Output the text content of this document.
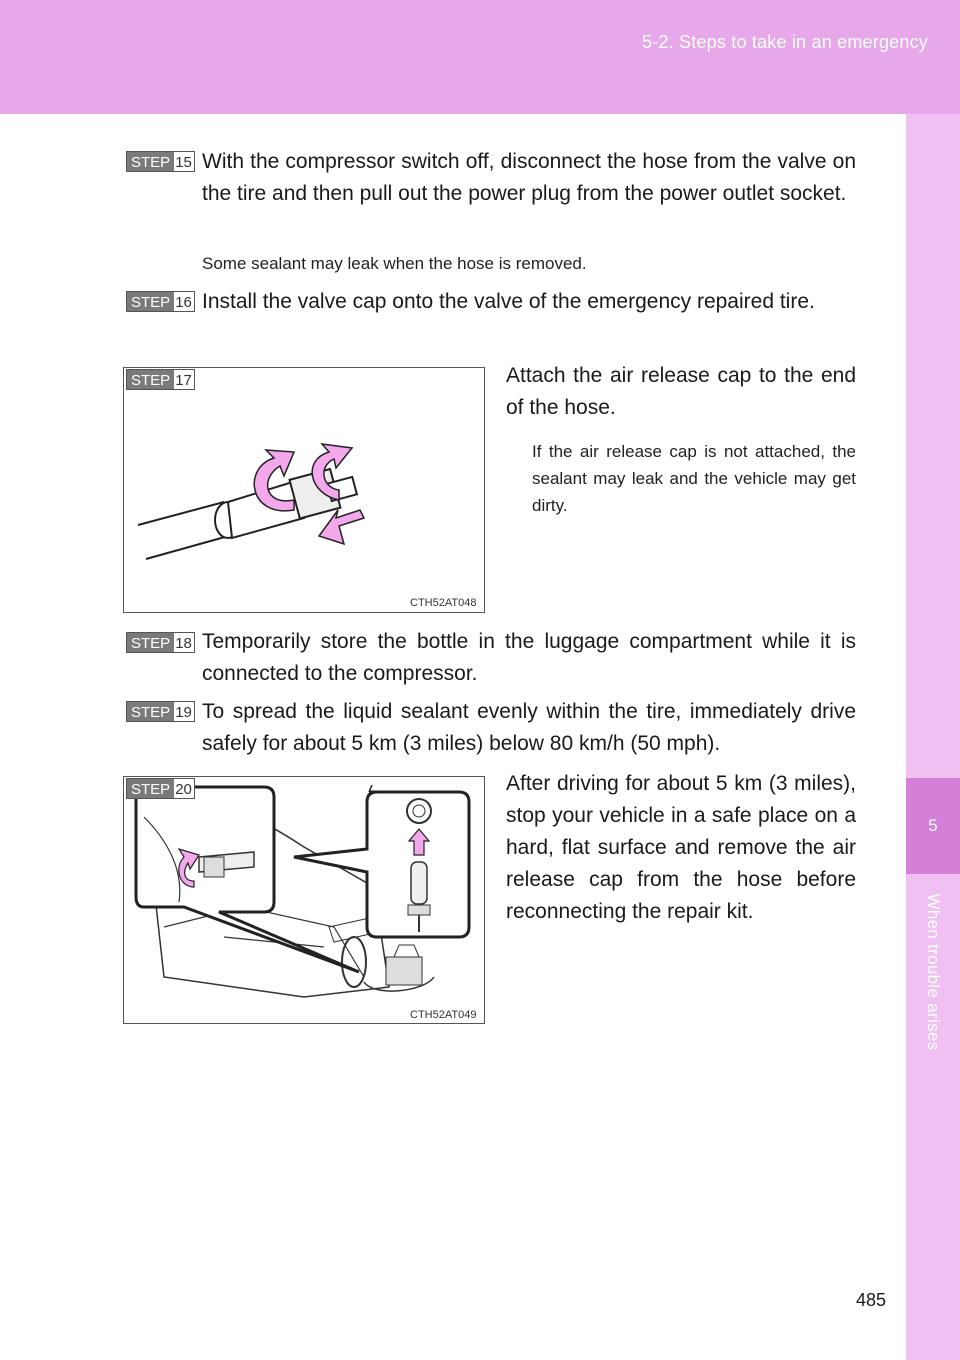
5-2. Steps to take in an emergency
5
When trouble arises
STEP 15 With the compressor switch off, disconnect the hose from the valve on the tire and then pull out the power plug from the power outlet socket.
Some sealant may leak when the hose is removed.
STEP 16 Install the valve cap onto the valve of the emergency repaired tire.
CTH52AT048
STEP 17	Attach the air release cap to the end of the hose.
If the air release cap is not attached, the sealant may leak and the vehicle may get dirty.
STEP 18 Temporarily store the bottle in the luggage compartment while it is connected to the compressor.
STEP 19 To spread the liquid sealant evenly within the tire, immediately drive safely for about 5 km (3 miles) below 80 km/h (50 mph).
CTH52AT049
STEP 20	After driving for about 5 km (3 miles), stop your vehicle in a safe place on a hard, flat surface and remove the air release cap from the hose before reconnecting the repair kit.
485
